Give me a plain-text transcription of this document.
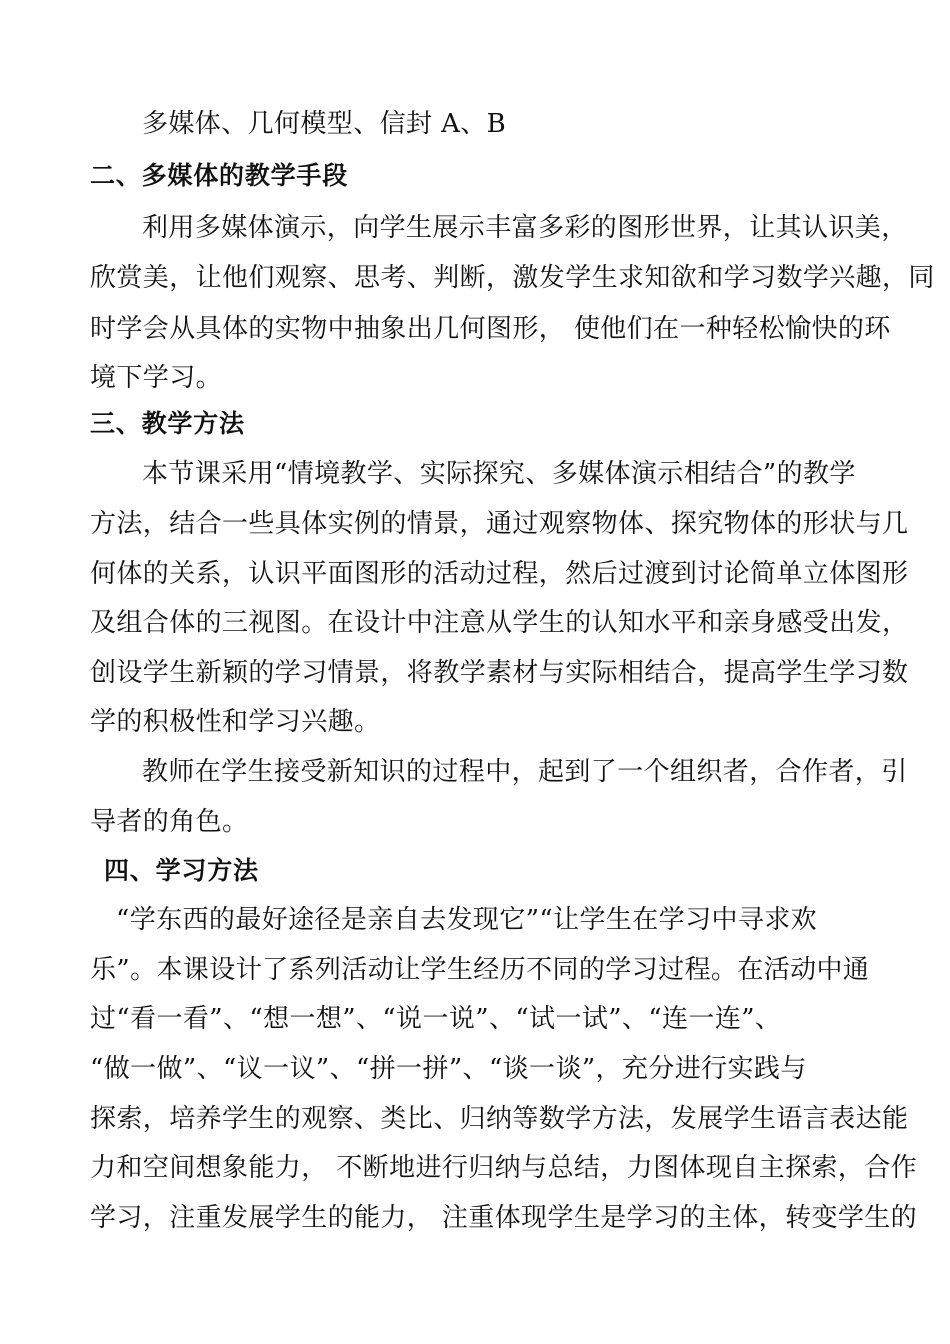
多媒体、几何模型、信封 A、B
二、多媒体的教学手段
利用多媒体演示，向学生展示丰富多彩的图形世界，让其认识美，
欣赏美，让他们观察、思考、判断，激发学生求知欲和学习数学兴趣，同
时学会从具体的实物中抽象出几何图形， 使他们在一种轻松愉快的环
境下学习。
三、教学方法
本节课采用“情境教学、实际探究、多媒体演示相结合”的教学
方法，结合一些具体实例的情景，通过观察物体、探究物体的形状与几
何体的关系，认识平面图形的活动过程，然后过渡到讨论简单立体图形
及组合体的三视图。在设计中注意从学生的认知水平和亲身感受出发，
创设学生新颖的学习情景，将教学素材与实际相结合，提高学生学习数
学的积极性和学习兴趣。
教师在学生接受新知识的过程中，起到了一个组织者，合作者，引
导者的角色。
四、学习方法
“学东西的最好途径是亲自去发现它”“让学生在学习中寻求欢
乐”。本课设计了系列活动让学生经历不同的学习过程。在活动中通
过“看一看”、“想一想”、“说一说”、“试一试”、“连一连”、
“做一做”、“议一议”、“拼一拼”、“谈一谈”，充分进行实践与
探索，培养学生的观察、类比、归纳等数学方法，发展学生语言表达能
力和空间想象能力， 不断地进行归纳与总结，力图体现自主探索，合作
学习，注重发展学生的能力， 注重体现学生是学习的主体，转变学生的
